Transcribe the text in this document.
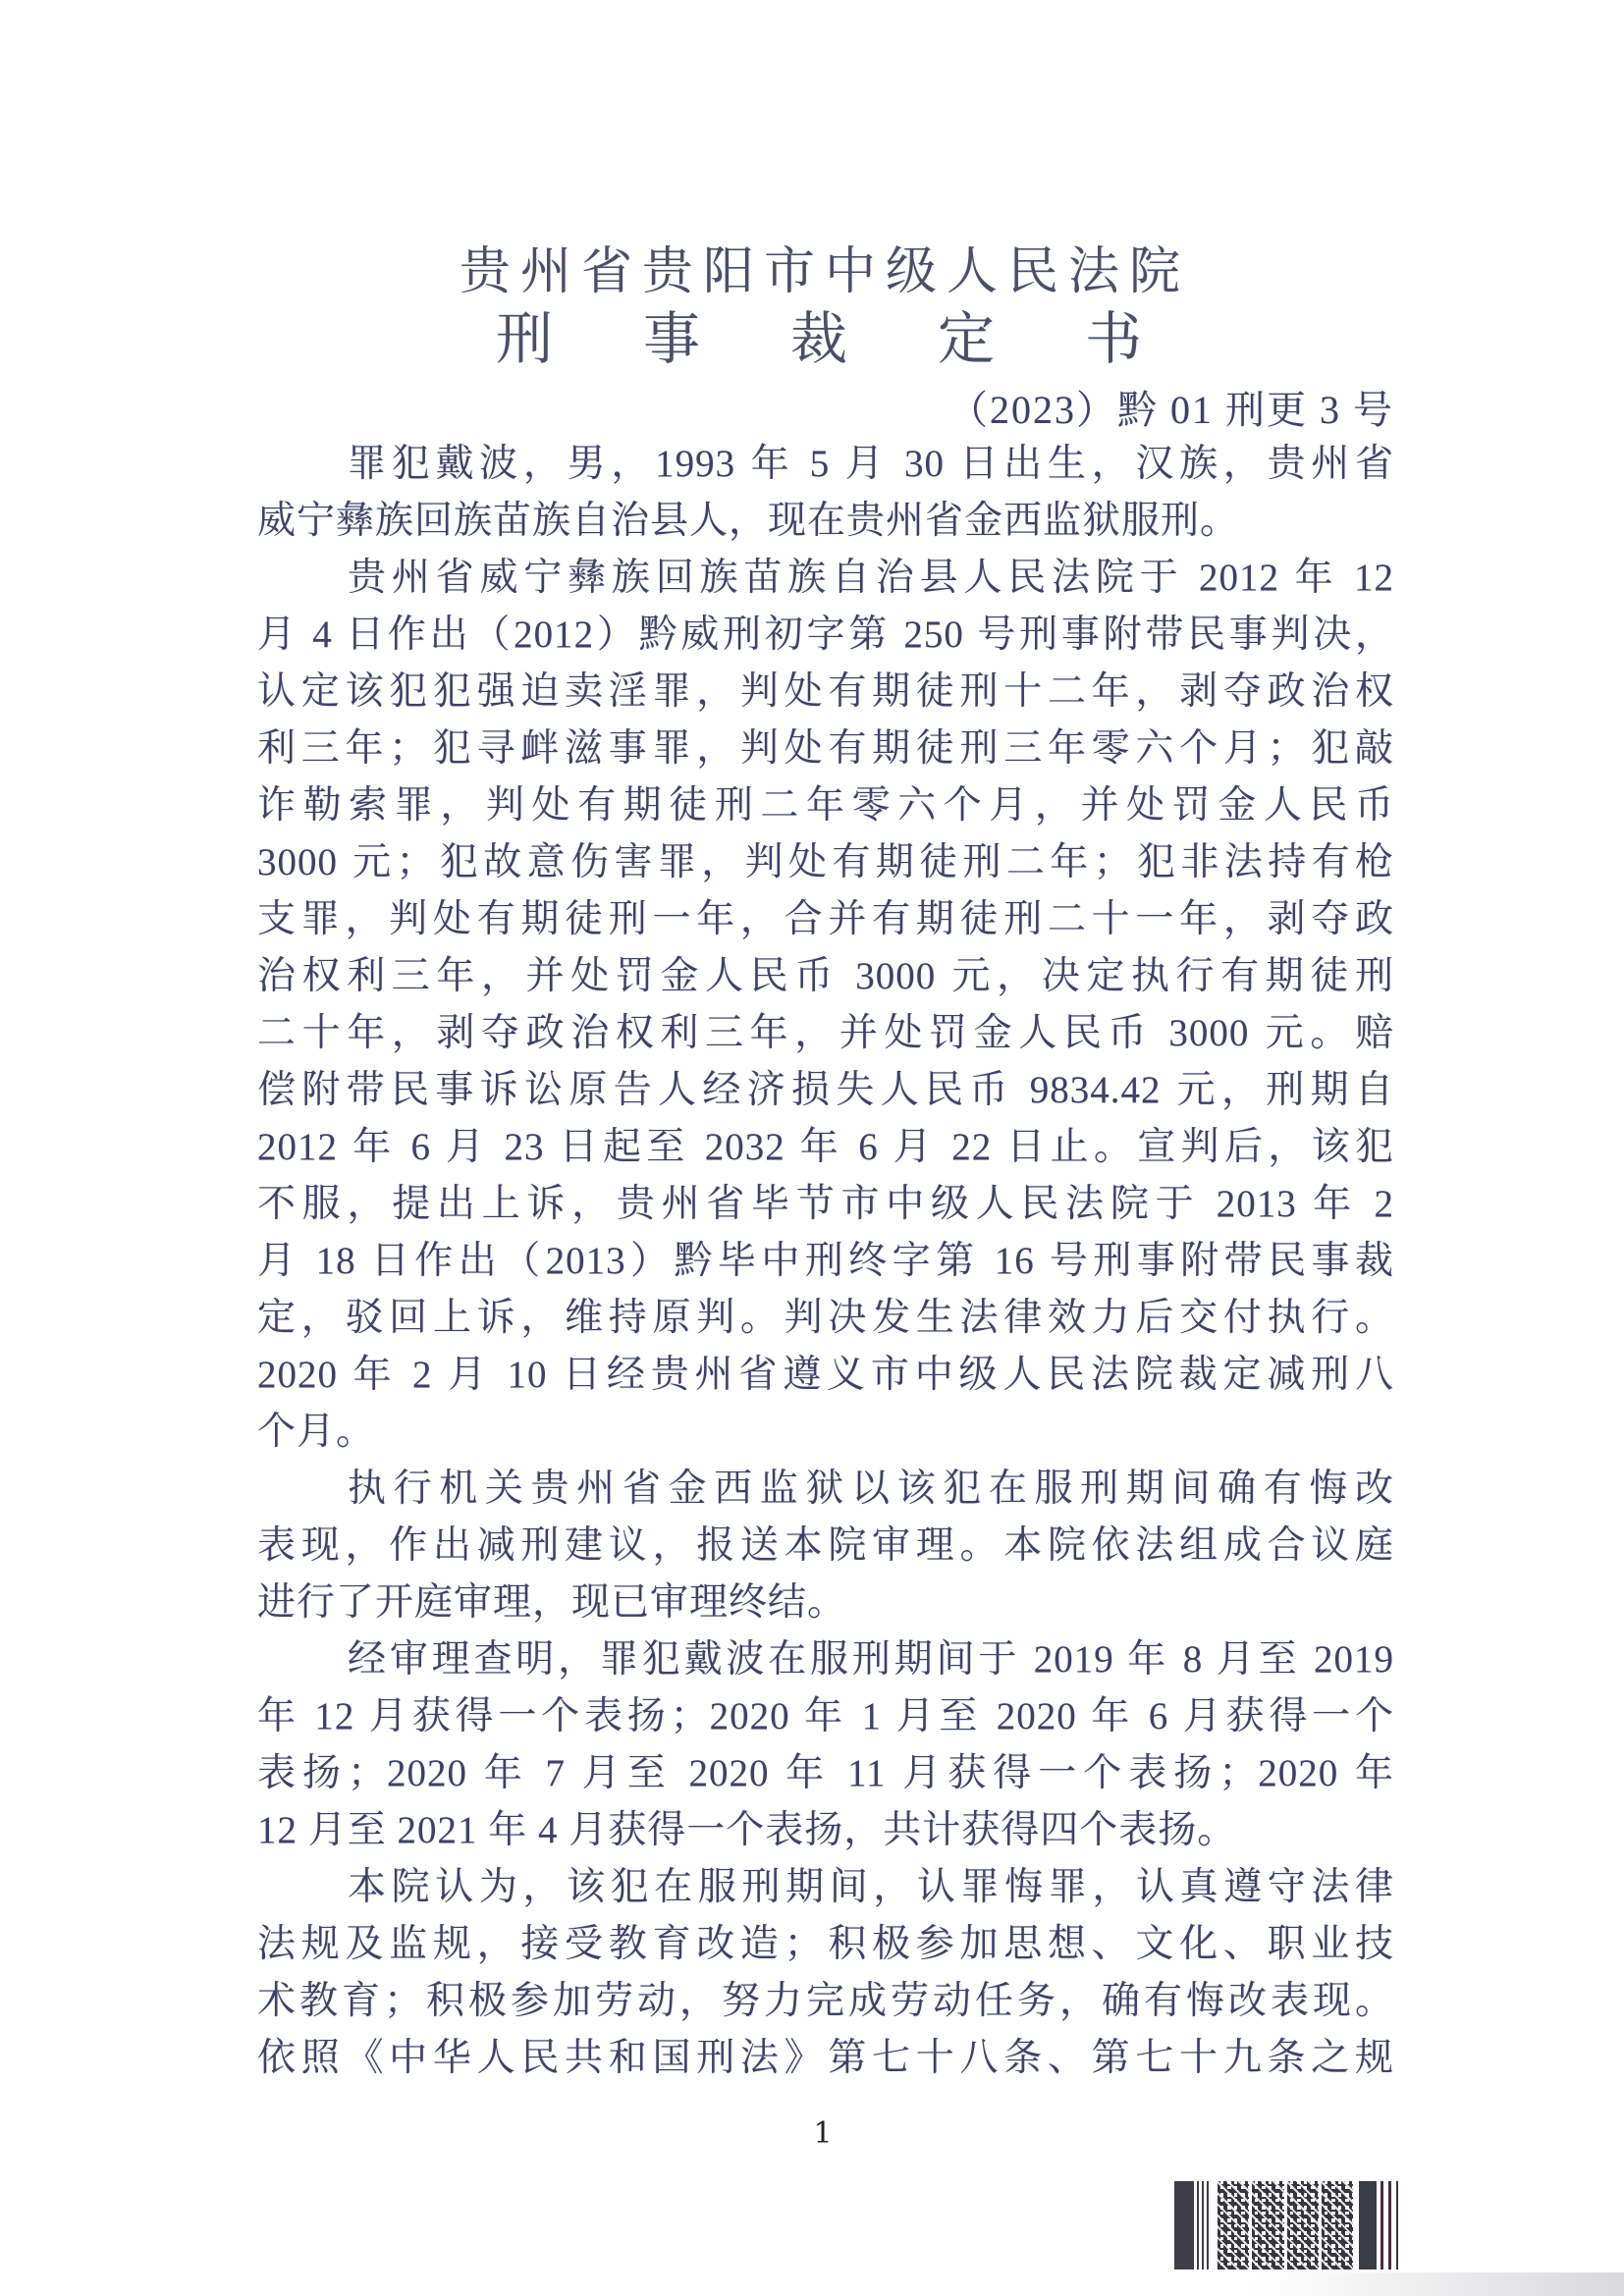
贵州省贵阳市中级人民法院
刑事裁定书
（2023）黔 01 刑更 3 号
罪犯戴波，男，1993 年 5 月 30 日出生，汉族，贵州省
威宁彝族回族苗族自治县人，现在贵州省金西监狱服刑。
贵州省威宁彝族回族苗族自治县人民法院于 2012 年 12
月 4 日作出（2012）黔威刑初字第 250 号刑事附带民事判决，
认定该犯犯强迫卖淫罪，判处有期徒刑十二年，剥夺政治权
利三年；犯寻衅滋事罪，判处有期徒刑三年零六个月；犯敲
诈勒索罪，判处有期徒刑二年零六个月，并处罚金人民币
3000 元；犯故意伤害罪，判处有期徒刑二年；犯非法持有枪
支罪，判处有期徒刑一年，合并有期徒刑二十一年，剥夺政
治权利三年，并处罚金人民币 3000 元，决定执行有期徒刑
二十年，剥夺政治权利三年，并处罚金人民币 3000 元。赔
偿附带民事诉讼原告人经济损失人民币 9834.42 元，刑期自
2012 年 6 月 23 日起至 2032 年 6 月 22 日止。宣判后，该犯
不服，提出上诉，贵州省毕节市中级人民法院于 2013 年 2
月 18 日作出（2013）黔毕中刑终字第 16 号刑事附带民事裁
定，驳回上诉，维持原判。判决发生法律效力后交付执行。
2020 年 2 月 10 日经贵州省遵义市中级人民法院裁定减刑八
个月。
执行机关贵州省金西监狱以该犯在服刑期间确有悔改
表现，作出减刑建议，报送本院审理。本院依法组成合议庭
进行了开庭审理，现已审理终结。
经审理查明，罪犯戴波在服刑期间于 2019 年 8 月至 2019
年 12 月获得一个表扬；2020 年 1 月至 2020 年 6 月获得一个
表扬；2020 年 7 月至 2020 年 11 月获得一个表扬；2020 年
12 月至 2021 年 4 月获得一个表扬，共计获得四个表扬。
本院认为，该犯在服刑期间，认罪悔罪，认真遵守法律
法规及监规，接受教育改造；积极参加思想、文化、职业技
术教育；积极参加劳动，努力完成劳动任务，确有悔改表现。
依照《中华人民共和国刑法》第七十八条、第七十九条之规
1
